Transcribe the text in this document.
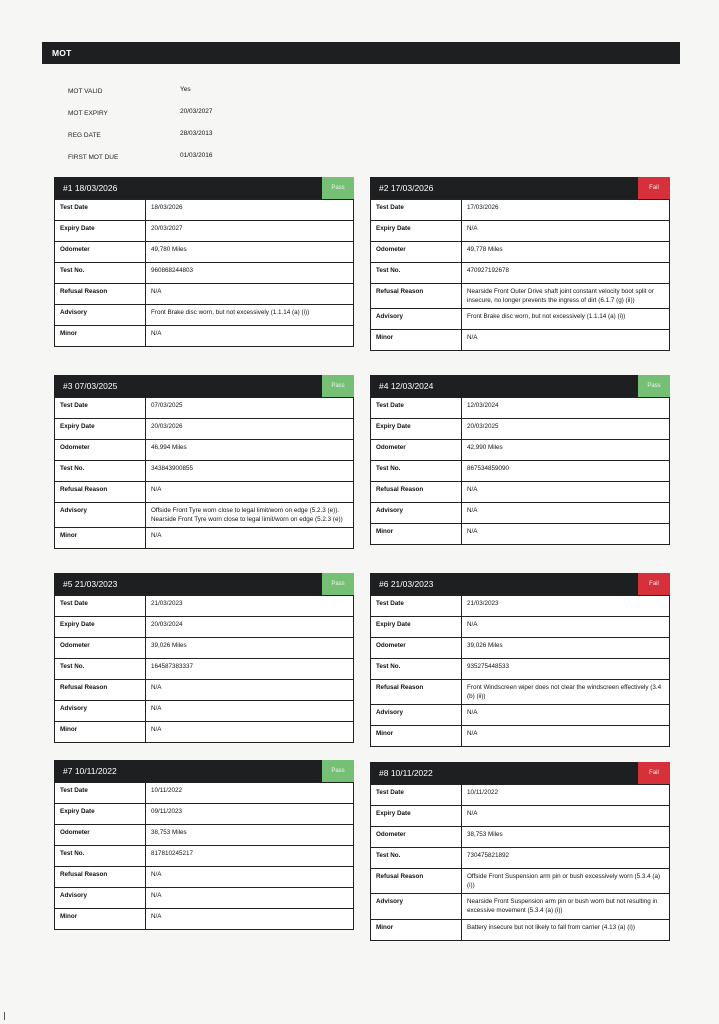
MOT
MOT VALID	Yes
MOT EXPIRY	20/03/2027
REG DATE	28/03/2013
FIRST MOT DUE	01/03/2016
#1 18/03/2026	Pass
Test Date	18/03/2026
Expiry Date	20/03/2027
Odometer	49,780 Miles
Test No.	960868244803
Refusal Reason	N/A
Advisory	Front Brake disc worn, but not excessively (1.1.14 (a) (i))
Minor	N/A
#2 17/03/2026	Fail
Test Date	17/03/2026
Expiry Date	N/A
Odometer	49,778 Miles
Test No.	470927192678
Refusal Reason	Nearside Front Outer Drive shaft joint constant velocity boot split or insecure, no longer prevents the ingress of dirt (6.1.7 (g) (ii))
Advisory	Front Brake disc worn, but not excessively (1.1.14 (a) (i))
Minor	N/A
#3 07/03/2025	Pass
Test Date	07/03/2025
Expiry Date	20/03/2026
Odometer	46,994 Miles
Test No.	343843900855
Refusal Reason	N/A
Advisory	Offside Front Tyre worn close to legal limit/worn on edge (5.2.3 (e)). Nearside Front Tyre worn close to legal limit/worn on edge (5.2.3 (e))
Minor	N/A
#4 12/03/2024	Pass
Test Date	12/03/2024
Expiry Date	20/03/2025
Odometer	42,990 Miles
Test No.	867534859090
Refusal Reason	N/A
Advisory	N/A
Minor	N/A
#5 21/03/2023	Pass
Test Date	21/03/2023
Expiry Date	20/03/2024
Odometer	39,026 Miles
Test No.	164587383337
Refusal Reason	N/A
Advisory	N/A
Minor	N/A
#6 21/03/2023	Fail
Test Date	21/03/2023
Expiry Date	N/A
Odometer	39,026 Miles
Test No.	935275448533
Refusal Reason	Front Windscreen wiper does not clear the windscreen effectively (3.4 (b) (ii))
Advisory	N/A
Minor	N/A
#7 10/11/2022	Pass
Test Date	10/11/2022
Expiry Date	09/11/2023
Odometer	38,753 Miles
Test No.	817810245217
Refusal Reason	N/A
Advisory	N/A
Minor	N/A
#8 10/11/2022	Fail
Test Date	10/11/2022
Expiry Date	N/A
Odometer	38,753 Miles
Test No.	730475821892
Refusal Reason	Offside Front Suspension arm pin or bush excessively worn (5.3.4 (a) (i))
Advisory	Nearside Front Suspension arm pin or bush worn but not resulting in excessive movement (5.3.4 (a) (i))
Minor	Battery insecure but not likely to fall from carrier (4.13 (a) (i))
